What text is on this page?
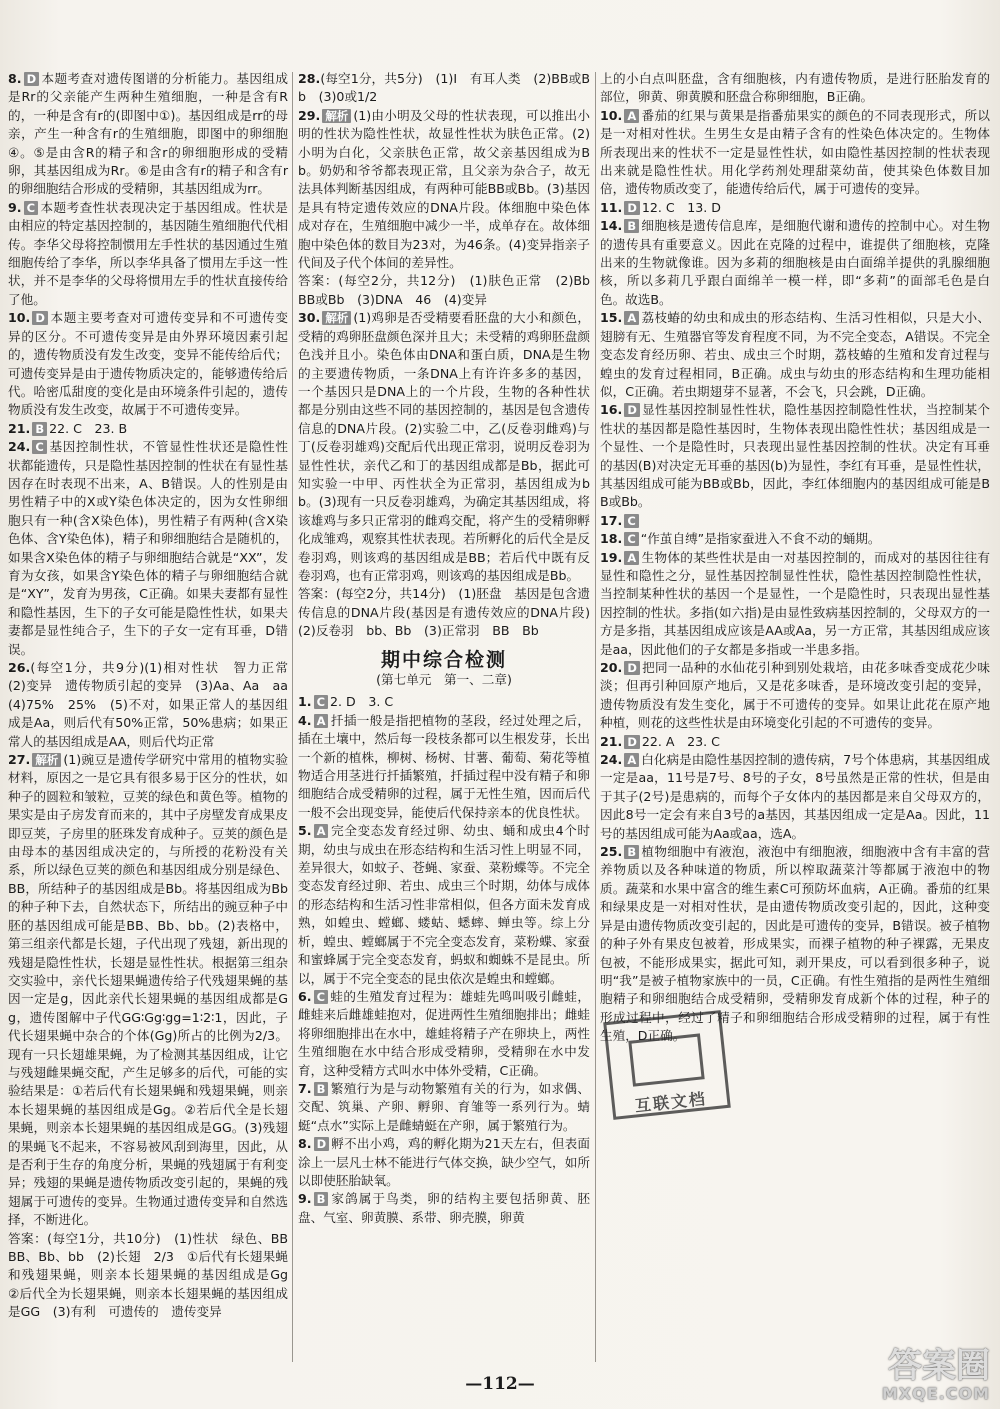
8. D 本题考查对遗传图谱的分析能力。基因组成是Rr的父亲能产生两种生殖细胞，一种是含有R的，一种是含有r的(即图中①)。基因组成是rr的母亲，产生一种含有r的生殖细胞，即图中的卵细胞④。⑤是由含R的精子和含r的卵细胞形成的受精卵，其基因组成为Rr。⑥是由含有r的精子和含有r的卵细胞结合形成的受精卵，其基因组成为rr。

9. C 本题考查性状表现决定于基因组成。性状是由相应的特定基因控制的，基因随生殖细胞代代相传。李华父母将控制惯用左手性状的基因通过生殖细胞传给了李华，所以李华具备了惯用左手这一性状，并不是李华的父母将惯用左手的性状直接传给了他。

10. D 本题主要考查对可遗传变异和不可遗传变异的区分。不可遗传变异是由外界环境因素引起的，遗传物质没有发生改变，变异不能传给后代；可遗传变异是由于遗传物质决定的，能够遗传给后代。哈密瓜甜度的变化是由环境条件引起的，遗传物质没有发生改变，故属于不可遗传变异。

21. B 22. C　23. B

24. C 基因控制性状，不管显性性状还是隐性性状都能遗传，只是隐性基因控制的性状在有显性基因存在时表现不出来，A、B错误。人的性别是由男性精子中的X或Y染色体决定的，因为女性卵细胞只有一种(含X染色体)，男性精子有两种(含X染色体、含Y染色体)，精子和卵细胞结合是随机的，如果含X染色体的精子与卵细胞结合就是“XX”，发育为女孩，如果含Y染色体的精子与卵细胞结合就是“XY”，发育为男孩，C正确。如果夫妻都有显性和隐性基因，生下的子女可能是隐性性状，如果夫妻都是显性纯合子，生下的子女一定有耳垂，D错误。

26.(每空1分，共9分)(1)相对性状　智力正常　(2)变异　遗传物质引起的变异　(3)Aa、Aa　aa　(4)75%　25%　(5)不对，如果正常人的基因组成是Aa，则后代有50%正常，50%患病；如果正常人的基因组成是AA，则后代均正常

27. 解析 (1)豌豆是遗传学研究中常用的植物实验材料，原因之一是它具有很多易于区分的性状，如种子的圆粒和皱粒，豆荚的绿色和黄色等。植物的果实是由子房发育而来的，其中子房壁发育成果皮即豆荚，子房里的胚珠发育成种子。豆荚的颜色是由母本的基因组成决定的，与所授的花粉没有关系，所以绿色豆荚的颜色和基因组成分别是绿色、BB，所结种子的基因组成是Bb。将基因组成为Bb的种子种下去，自然状态下，所结出的豌豆种子中胚的基因组成可能是BB、Bb、bb。(2)表格中，第三组亲代都是长翅，子代出现了残翅，新出现的残翅是隐性性状，长翅是显性性状。根据第三组杂交实验中，亲代长翅果蝇遗传给子代残翅果蝇的基因一定是g，因此亲代长翅果蝇的基因组成都是Gg，遗传图解中子代GG∶Gg∶gg=1∶2∶1，因此，子代长翅果蝇中杂合的个体(Gg)所占的比例为2/3。现有一只长翅雄果蝇，为了检测其基因组成，让它与残翅雌果蝇交配，产生足够多的后代，可能的实验结果是：①若后代有长翅果蝇和残翅果蝇，则亲本长翅果蝇的基因组成是Gg。②若后代全是长翅果蝇，则亲本长翅果蝇的基因组成是GG。(3)残翅的果蝇飞不起来，不容易被风刮到海里，因此，从是否利于生存的角度分析，果蝇的残翅属于有利变异；残翅的果蝇是遗传物质改变引起的，果蝇的残翅属于可遗传的变异。生物通过遗传变异和自然选择，不断进化。

答案：(每空1分，共10分)　(1)性状　绿色、BB　BB、Bb、bb　(2)长翅　2/3　①后代有长翅果蝇和残翅果蝇，则亲本长翅果蝇的基因组成是Gg　②后代全为长翅果蝇，则亲本长翅果蝇的基因组成是GG　(3)有利　可遗传的　遗传变异

28.(每空1分，共5分)　(1)Ⅰ　有耳人类　(2)BB或Bb　(3)0或1/2

29. 解析 (1)由小明及父母的性状表现，可以推出小明的性状为隐性性状，故显性性状为肤色正常。(2)小明为白化，父亲肤色正常，故父亲基因组成为Bb。奶奶和爷爷都表现正常，且父亲为杂合子，故无法具体判断基因组成，有两种可能BB或Bb。(3)基因是具有特定遗传效应的DNA片段。体细胞中染色体成对存在，生殖细胞中减少一半，成单存在。故体细胞中染色体的数目为23对，为46条。(4)变异指亲子代间及子代个体间的差异性。

答案：(每空2分，共12分)　(1)肤色正常　(2)Bb　BB或Bb　(3)DNA　46　(4)变异

30. 解析 (1)鸡卵是否受精要看胚盘的大小和颜色，受精的鸡卵胚盘颜色深并且大；未受精的鸡卵胚盘颜色浅并且小。染色体由DNA和蛋白质，DNA是生物的主要遗传物质，一条DNA上有许许多多的基因，一个基因只是DNA上的一个片段，生物的各种性状都是分别由这些不同的基因控制的，基因是包含遗传信息的DNA片段。(2)实验二中，乙(反卷羽雌鸡)与丁(反卷羽雄鸡)交配后代出现正常羽，说明反卷羽为显性性状，亲代乙和丁的基因组成都是Bb，据此可知实验一中甲、丙性状全为正常羽，基因组成为bb。(3)现有一只反卷羽雄鸡，为确定其基因组成，将该雄鸡与多只正常羽的雌鸡交配，将产生的受精卵孵化成雏鸡，观察其性状表现。若所孵化的后代全是反卷羽鸡，则该鸡的基因组成是BB；若后代中既有反卷羽鸡，也有正常羽鸡，则该鸡的基因组成是Bb。

答案：(每空2分，共14分)　(1)胚盘　基因是包含遗传信息的DNA片段(基因是有遗传效应的DNA片段)　(2)反卷羽　bb、Bb　(3)正常羽　BB　Bb

期中综合检测
(第七单元　第一、二章)

1. C 2. D　3. C

4. A 扦插一般是指把植物的茎段，经过处理之后，插在土壤中，然后每一段枝条都可以生根发芽，长出一个新的植株，柳树、杨树、甘薯、葡萄、菊花等植物适合用茎进行扦插繁殖，扦插过程中没有精子和卵细胞结合成受精卵的过程，属于无性生殖，因而后代一般不会出现变异，能使后代保持亲本的优良性状。

5. A 完全变态发育经过卵、幼虫、蛹和成虫4个时期，幼虫与成虫在形态结构和生活习性上明显不同，差异很大，如蚊子、苍蝇、家蚕、菜粉蝶等。不完全变态发育经过卵、若虫、成虫三个时期，幼体与成体的形态结构和生活习性非常相似，但各方面未发育成熟，如蝗虫、螳螂、蝼蛄、蟋蟀、蝉虫等。综上分析，蝗虫、螳螂属于不完全变态发育，菜粉蝶、家蚕和蜜蜂属于完全变态发育，蚂蚁和蜘蛛不是昆虫。所以，属于不完全变态的昆虫依次是蝗虫和螳螂。

6. C 蛙的生殖发育过程为：雄蛙先鸣叫吸引雌蛙，雌蛙来后雌雄蛙抱对，促进两性生殖细胞排出；雌蛙将卵细胞排出在水中，雄蛙将精子产在卵块上，两性生殖细胞在水中结合形成受精卵，受精卵在水中发育，这种受精方式叫水中体外受精，C正确。

7. B 繁殖行为是与动物繁殖有关的行为，如求偶、交配、筑巢、产卵、孵卵、育雏等一系列行为。蜻蜓“点水”实际上是雌蜻蜓在产卵，属于繁殖行为。

8. D 孵不出小鸡，鸡的孵化期为21天左右，但表面涂上一层凡士林不能进行气体交换，缺少空气，如所以即使胚胎缺氧。

9. B 家鸽属于鸟类，卵的结构主要包括卵黄、胚盘、气室、卵黄膜、系带、卵壳膜，卵黄

上的小白点叫胚盘，含有细胞核，内有遗传物质，是进行胚胎发育的部位，卵黄、卵黄膜和胚盘合称卵细胞，B正确。

10. A 番茄的红果与黄果是指番茄果实的颜色的不同表现形式，所以是一对相对性状。生男生女是由精子含有的性染色体决定的。生物体所表现出来的性状不一定是显性性状，如由隐性基因控制的性状表现出来就是隐性性状。用化学药剂处理甜菜幼苗，使其染色体数目加倍，遗传物质改变了，能遗传给后代，属于可遗传的变异。

11. D 12. C　13. D

14. B 细胞核是遗传信息库，是细胞代谢和遗传的控制中心。对生物的遗传具有重要意义。因此在克隆的过程中，谁提供了细胞核，克隆出来的生物就像谁。因为多莉的细胞核是由白面绵羊提供的乳腺细胞核，所以多莉几乎跟白面绵羊一模一样，即“多莉”的面部毛色是白色。故选B。

15. A 荔枝蝽的幼虫和成虫的形态结构、生活习性相似，只是大小、翅膀有无、生殖器官等发育程度不同，为不完全变态，A错误。不完全变态发育经历卵、若虫、成虫三个时期，荔枝蝽的生殖和发育过程与蝗虫的发育过程相同，B正确。成虫与幼虫的形态结构和生理功能相似，C正确。若虫期翅芽不显著，不会飞，只会跳，D正确。

16. D 显性基因控制显性性状，隐性基因控制隐性性状，当控制某个性状的基因都是隐性基因时，生物体表现出隐性性状；基因组成是一个显性、一个是隐性时，只表现出显性基因控制的性状。决定有耳垂的基因(B)对决定无耳垂的基因(b)为显性，李红有耳垂，是显性性状，其基因组成可能为BB或Bb，因此，李红体细胞内的基因组成可能是BB或Bb。

17. C

18. C “作茧自缚”是指家蚕进入不食不动的蛹期。

19. A 生物体的某些性状是由一对基因控制的，而成对的基因往往有显性和隐性之分，显性基因控制显性性状，隐性基因控制隐性性状，当控制某种性状的基因一个是显性，一个是隐性时，只表现出显性基因控制的性状。多指(如六指)是由显性致病基因控制的，父母双方的一方是多指，其基因组成应该是AA或Aa，另一方正常，其基因组成应该是aa，因此他们的子女都是多指或一半患多指。

20. D 把同一品种的水仙花引种到别处栽培，由花多味香变成花少味淡；但再引种回原产地后，又是花多味香，是环境改变引起的变异，遗传物质没有发生变化，属于不可遗传的变异。如果让此花在原产地种植，则花的这些性状是由环境变化引起的不可遗传的变异。

21. D 22. A　23. C

24. A 白化病是由隐性基因控制的遗传病，7号个体患病，其基因组成一定是aa，11号是7号、8号的子女，8号虽然是正常的性状，但是由于其子(2号)是患病的，而每个子女体内的基因都是来自父母双方的，因此8号一定会有来自3号的a基因，其基因组成一定是Aa。因此，11号的基因组成可能为Aa或aa，选A。

25. B 植物细胞中有液泡，液泡中有细胞液，细胞液中含有丰富的营养物质以及各种味道的物质，所以榨取蔬菜汁等都属于液泡中的物质。蔬菜和水果中富含的维生素C可预防坏血病，A正确。番茄的红果和绿果皮是一对相对性状，是由遗传物质改变引起的，因此，这种变异是由遗传物质改变引起的，因此是可遗传的变异，B错误。被子植物的种子外有果皮包被着，形成果实，而裸子植物的种子裸露，无果皮包被，不能形成果实，据此可知，剥开果皮，可以看到很多种子，说明“我”是被子植物家族中的一员，C正确。有性生殖指的是两性生殖细胞精子和卵细胞结合成受精卵，受精卵发育成新个体的过程，种子的形成过程中，经过了精子和卵细胞结合形成受精卵的过程，属于有性生殖，D正确。

互联文档
—112—	答案圈
MXQE.COM
